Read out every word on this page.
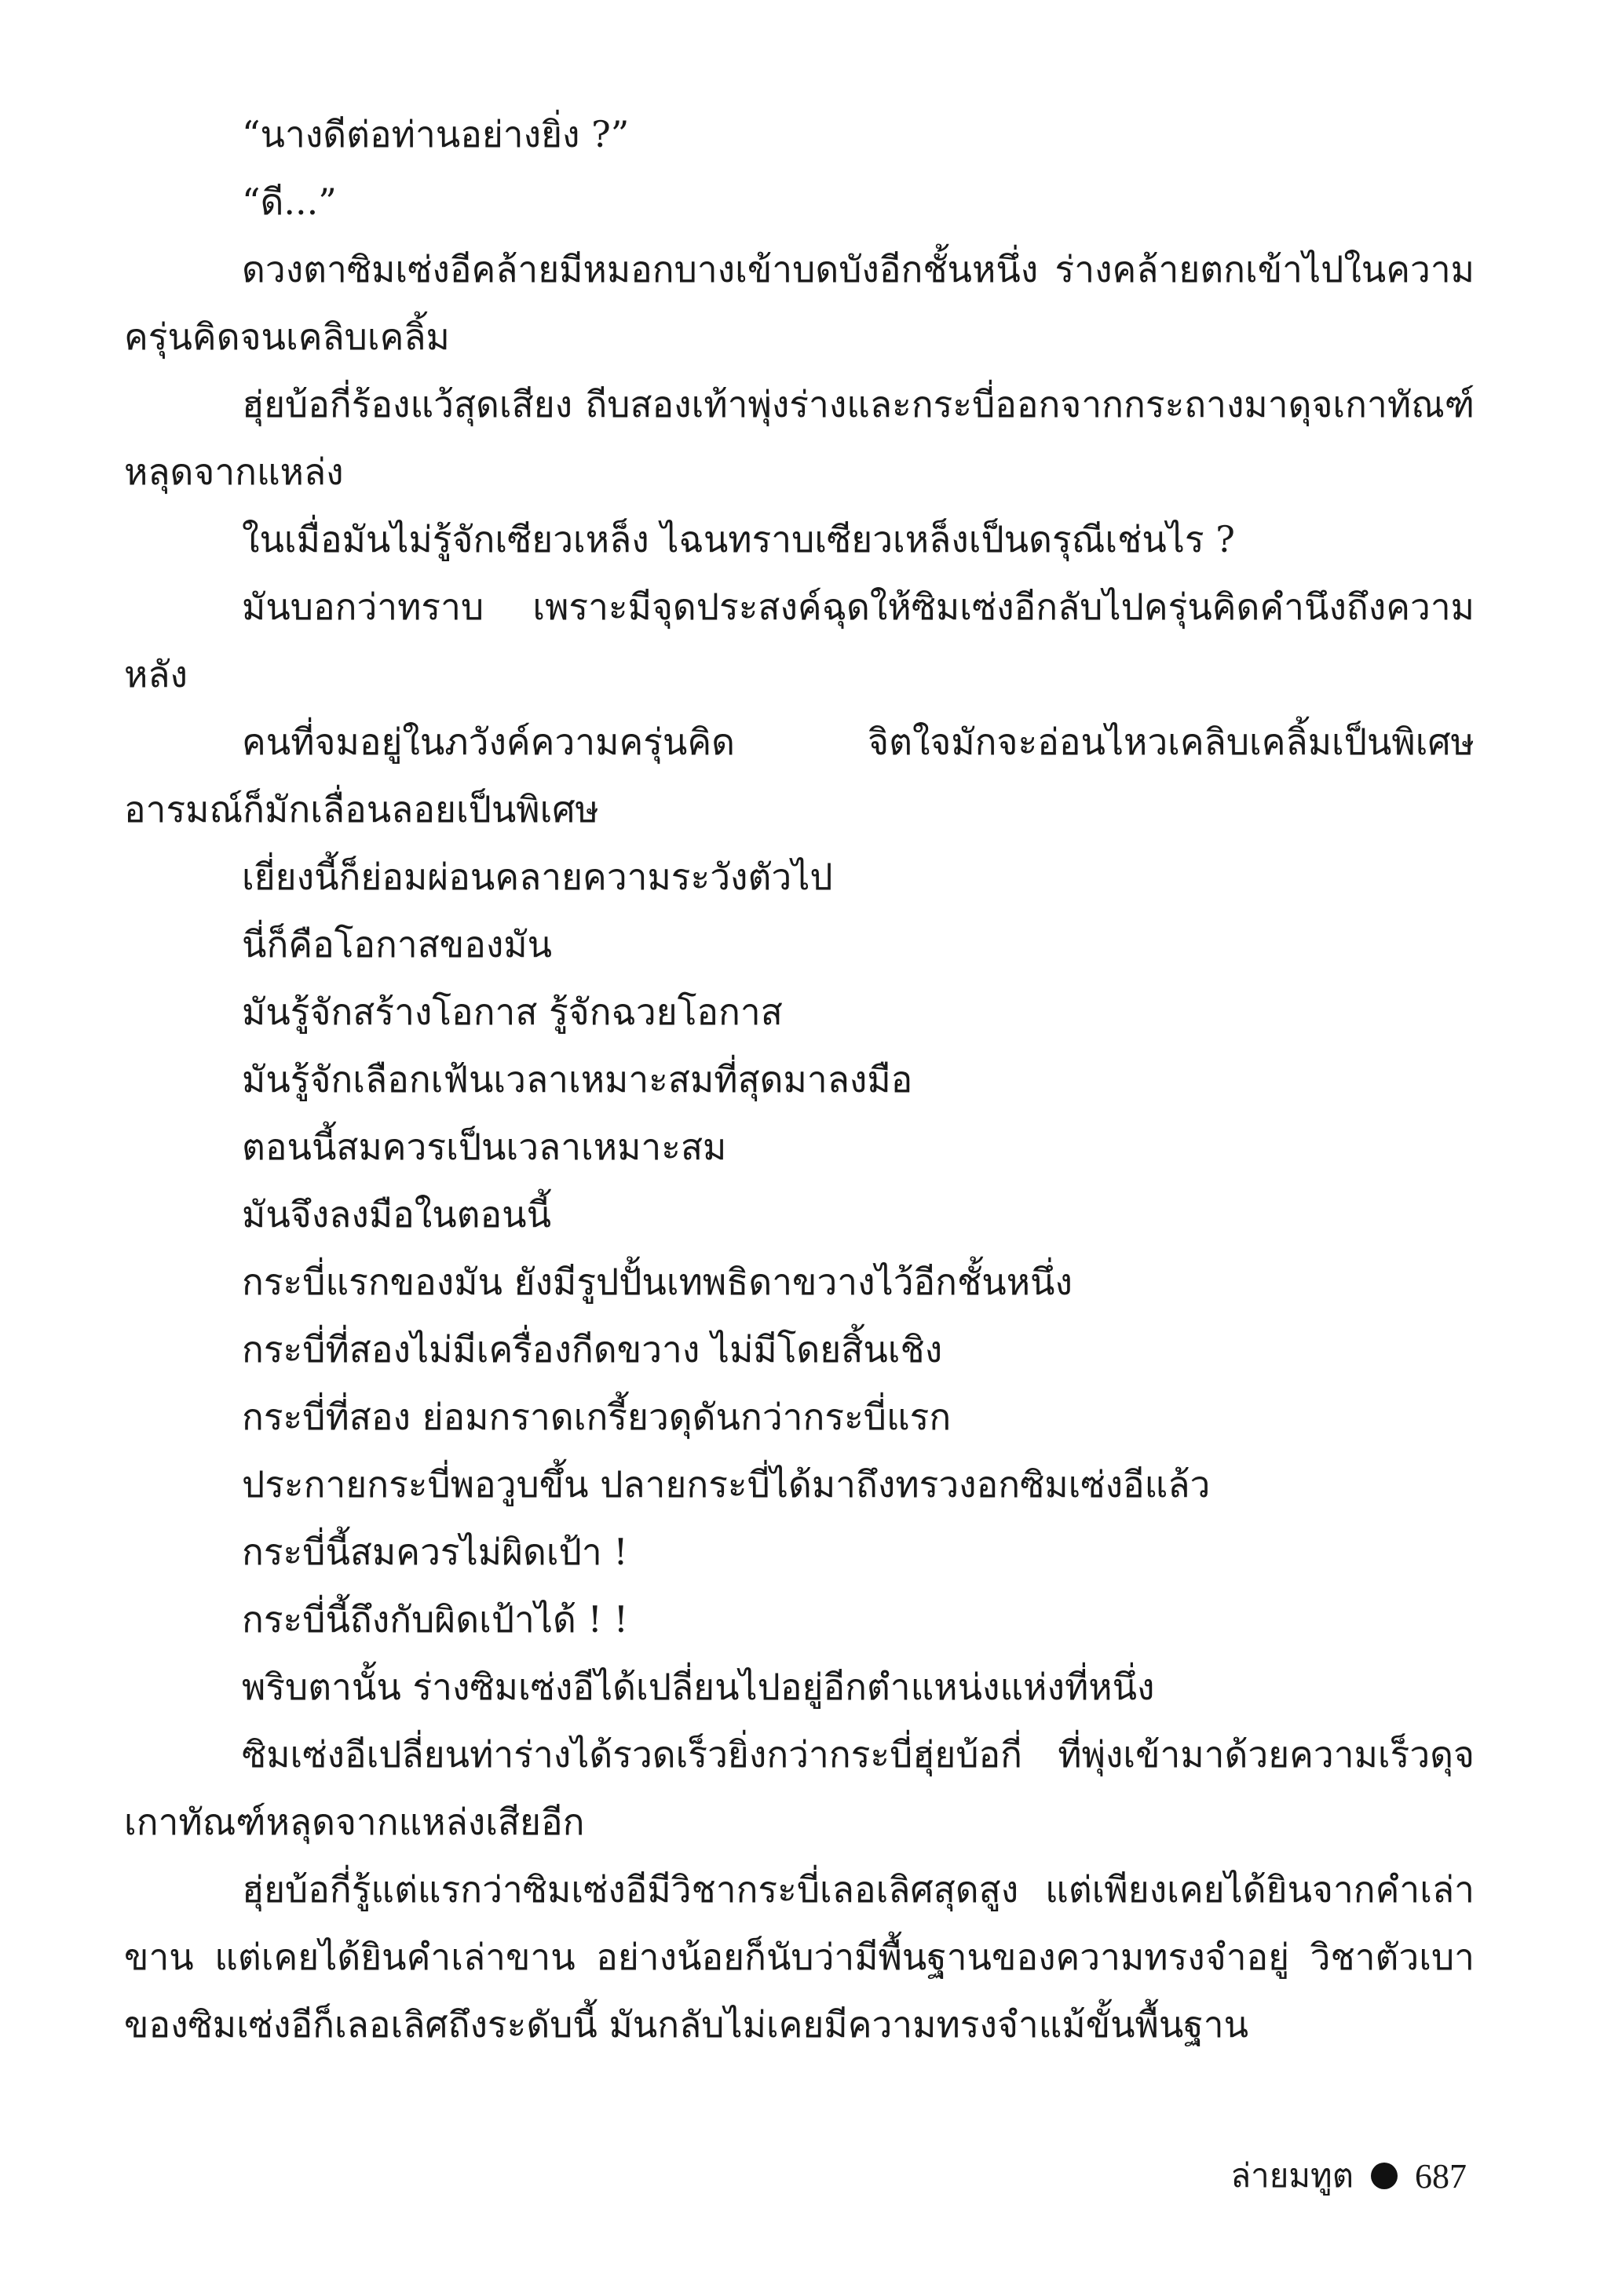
“นางดีต่อท่านอย่างยิ่ง ?”

“ดี...”

ดวงตาซิมเซ่งอีคล้ายมีหมอกบางเข้าบดบังอีกชั้นหนึ่ง ร่างคล้ายตกเข้าไปในความครุ่นคิดจนเคลิบเคลิ้ม

ฮุ่ยบ้อกี่ร้องแว้สุดเสียง ถีบสองเท้าพุ่งร่างและกระบี่ออกจากกระถางมาดุจเกาทัณฑ์หลุดจากแหล่ง

ในเมื่อมันไม่รู้จักเซียวเหล็ง ไฉนทราบเซียวเหล็งเป็นดรุณีเช่นไร ?

มันบอกว่าทราบ เพราะมีจุดประสงค์ฉุดให้ซิมเซ่งอีกลับไปครุ่นคิดคำนึงถึงความหลัง

คนที่จมอยู่ในภวังค์ความครุ่นคิด จิตใจมักจะอ่อนไหวเคลิบเคลิ้มเป็นพิเศษ อารมณ์ก็มักเลื่อนลอยเป็นพิเศษ

เยี่ยงนี้ก็ย่อมผ่อนคลายความระวังตัวไป

นี่ก็คือโอกาสของมัน

มันรู้จักสร้างโอกาส รู้จักฉวยโอกาส

มันรู้จักเลือกเฟ้นเวลาเหมาะสมที่สุดมาลงมือ

ตอนนี้สมควรเป็นเวลาเหมาะสม

มันจึงลงมือในตอนนี้

กระบี่แรกของมัน ยังมีรูปปั้นเทพธิดาขวางไว้อีกชั้นหนึ่ง

กระบี่ที่สองไม่มีเครื่องกีดขวาง ไม่มีโดยสิ้นเชิง

กระบี่ที่สอง ย่อมกราดเกรี้ยวดุดันกว่ากระบี่แรก

ประกายกระบี่พอวูบขึ้น ปลายกระบี่ได้มาถึงทรวงอกซิมเซ่งอีแล้ว

กระบี่นี้สมควรไม่ผิดเป้า !

กระบี่นี้ถึงกับผิดเป้าได้ ! !

พริบตานั้น ร่างซิมเซ่งอีได้เปลี่ยนไปอยู่อีกตำแหน่งแห่งที่หนึ่ง

ซิมเซ่งอีเปลี่ยนท่าร่างได้รวดเร็วยิ่งกว่ากระบี่ฮุ่ยบ้อกี่ ที่พุ่งเข้ามาด้วยความเร็วดุจเกาทัณฑ์หลุดจากแหล่งเสียอีก

ฮุ่ยบ้อกี่รู้แต่แรกว่าซิมเซ่งอีมีวิชากระบี่เลอเลิศสุดสูง แต่เพียงเคยได้ยินจากคำเล่าขาน แต่เคยได้ยินคำเล่าขาน อย่างน้อยก็นับว่ามีพื้นฐานของความทรงจำอยู่ วิชาตัวเบาของซิมเซ่งอีก็เลอเลิศถึงระดับนี้ มันกลับไม่เคยมีความทรงจำแม้ขั้นพื้นฐาน

ล่ายมทูต 687
